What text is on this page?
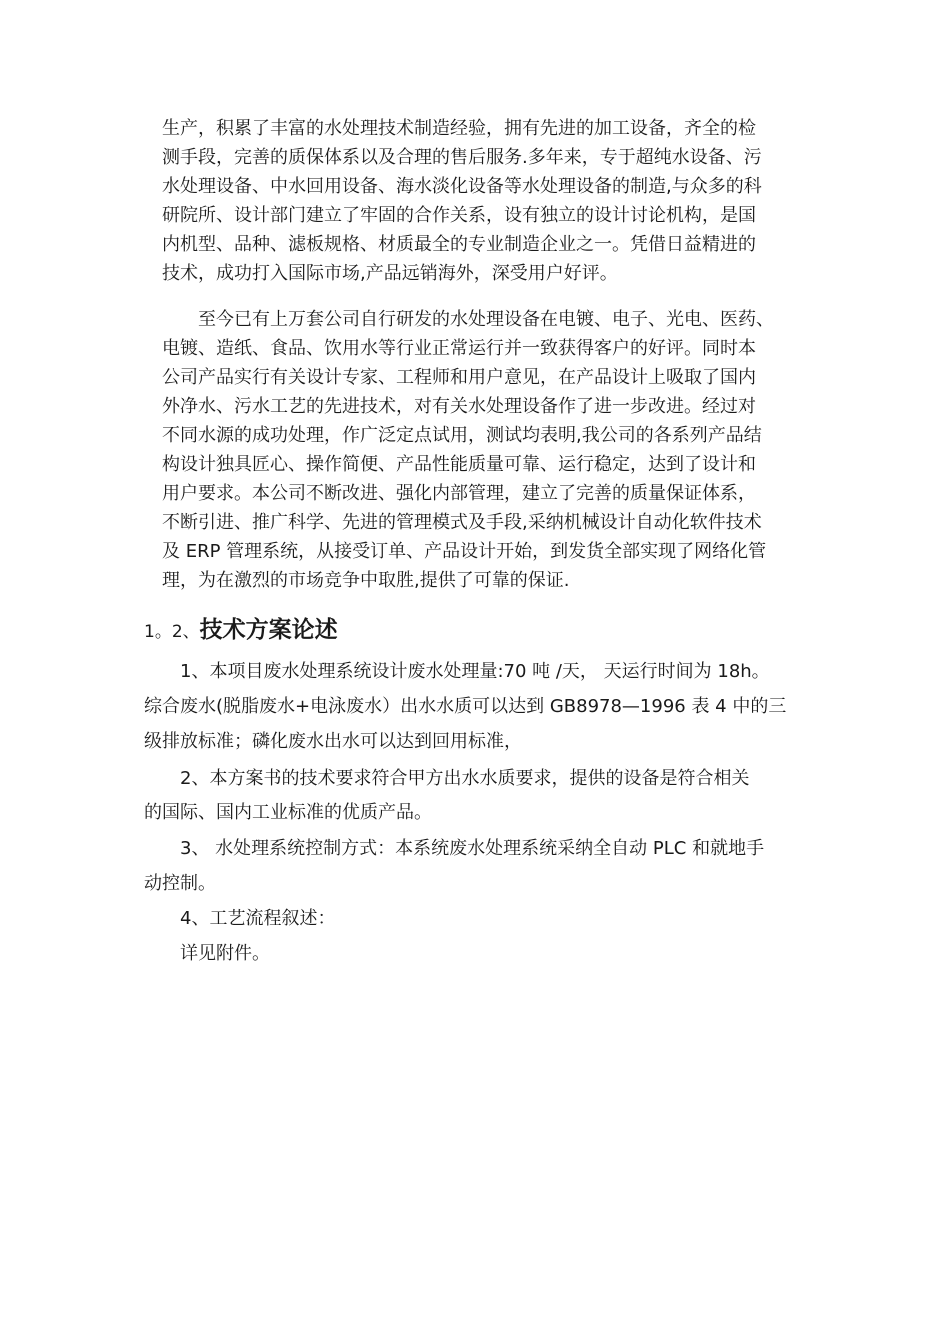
生产，积累了丰富的水处理技术制造经验，拥有先进的加工设备，齐全的检
测手段，完善的质保体系以及合理的售后服务.多年来，专于超纯水设备、污
水处理设备、中水回用设备、海水淡化设备等水处理设备的制造,与众多的科
研院所、设计部门建立了牢固的合作关系，设有独立的设计讨论机构，是国
内机型、品种、滤板规格、材质最全的专业制造企业之一。凭借日益精进的
技术，成功打入国际市场,产品远销海外，深受用户好评。
至今已有上万套公司自行研发的水处理设备在电镀、电子、光电、医药、
电镀、造纸、食品、饮用水等行业正常运行并一致获得客户的好评。同时本
公司产品实行有关设计专家、工程师和用户意见，在产品设计上吸取了国内
外净水、污水工艺的先进技术，对有关水处理设备作了进一步改进。经过对
不同水源的成功处理，作广泛定点试用，测试均表明,我公司的各系列产品结
构设计独具匠心、操作简便、产品性能质量可靠、运行稳定，达到了设计和
用户要求。本公司不断改进、强化内部管理，建立了完善的质量保证体系，
不断引进、推广科学、先进的管理模式及手段,采纳机械设计自动化软件技术
及 ERP 管理系统，从接受订单、产品设计开始，到发货全部实现了网络化管
理，为在激烈的市场竞争中取胜,提供了可靠的保证.
1。2、技术方案论述
1、本项目废水处理系统设计废水处理量:70 吨 /天， 天运行时间为 18h。
综合废水(脱脂废水+电泳废水）出水水质可以达到 GB8978—1996 表 4 中的三
级排放标准；磷化废水出水可以达到回用标准，
2、本方案书的技术要求符合甲方出水水质要求，提供的设备是符合相关
的国际、国内工业标准的优质产品。
3、 水处理系统控制方式：本系统废水处理系统采纳全自动 PLC 和就地手
动控制。
4、工艺流程叙述：
详见附件。
